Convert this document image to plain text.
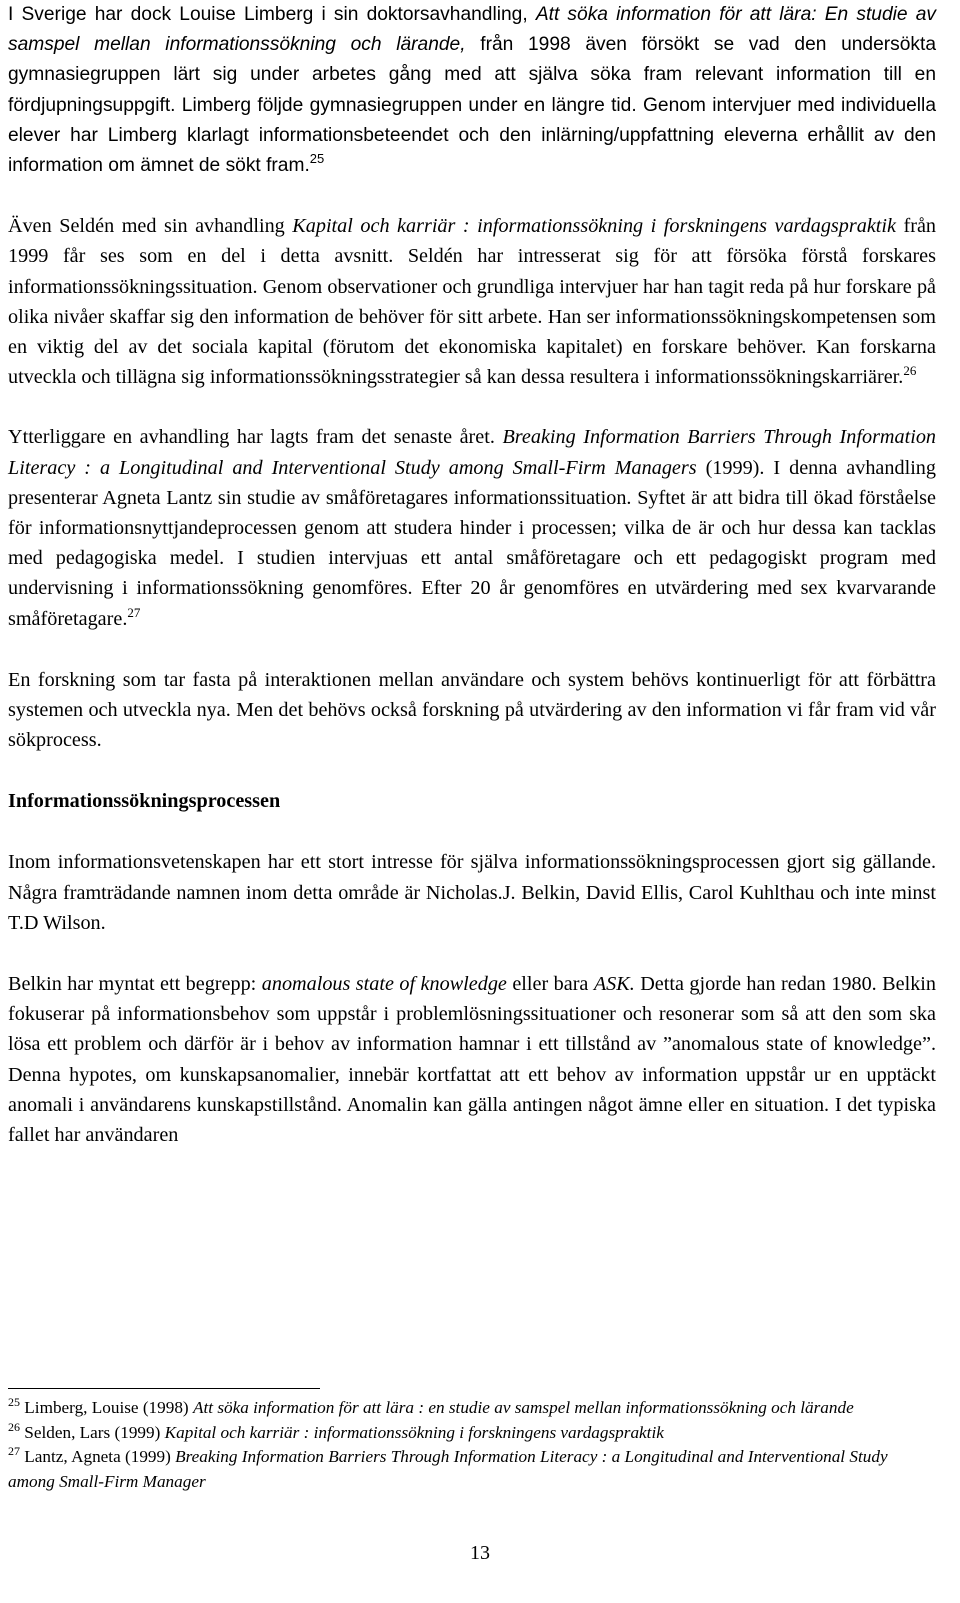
I Sverige har dock Louise Limberg i sin doktorsavhandling, Att söka information för att lära: En studie av samspel mellan informationssökning och lärande, från 1998 även försökt se vad den undersökta gymnasiegruppen lärt sig under arbetes gång med att själva söka fram relevant information till en fördjupningsuppgift. Limberg följde gymnasiegruppen under en längre tid. Genom intervjuer med individuella elever har Limberg klarlagt informationsbeteendet och den inlärning/uppfattning eleverna erhållit av den information om ämnet de sökt fram.$^{25}$

Även Seldén med sin avhandling Kapital och karriär : informationssökning i forskningens vardagspraktik från 1999 får ses som en del i detta avsnitt. Seldén har intresserat sig för att försöka förstå forskares informationssökningssituation. Genom observationer och grundliga intervjuer har han tagit reda på hur forskare på olika nivåer skaffar sig den information de behöver för sitt arbete. Han ser informationssökningskompetensen som en viktig del av det sociala kapital (förutom det ekonomiska kapitalet) en forskare behöver. Kan forskarna utveckla och tillägna sig informationssökningsstrategier så kan dessa resultera i informationssökningskarriärer.$^{26}$

Ytterliggare en avhandling har lagts fram det senaste året. Breaking Information Barriers Through Information Literacy : a Longitudinal and Interventional Study among Small-Firm Managers (1999). I denna avhandling presenterar Agneta Lantz sin studie av småföretagares informationssituation. Syftet är att bidra till ökad förståelse för informationsnyttjandeprocessen genom att studera hinder i processen; vilka de är och hur dessa kan tacklas med pedagogiska medel. I studien intervjuas ett antal småföretagare och ett pedagogiskt program med undervisning i informationssökning genomföres. Efter 20 år genomföres en utvärdering med sex kvarvarande småföretagare.$^{27}$

En forskning som tar fasta på interaktionen mellan användare och system behövs kontinuerligt för att förbättra systemen och utveckla nya. Men det behövs också forskning på utvärdering av den information vi får fram vid vår sökprocess.

Informationssökningsprocessen

Inom informationsvetenskapen har ett stort intresse för själva informationssökningsprocessen gjort sig gällande. Några framträdande namnen inom detta område är Nicholas.J. Belkin, David Ellis, Carol Kuhlthau och inte minst T.D Wilson.

Belkin har myntat ett begrepp: anomalous state of knowledge eller bara ASK. Detta gjorde han redan 1980. Belkin fokuserar på informationsbehov som uppstår i problemlösningssituationer och resonerar som så att den som ska lösa ett problem och därför är i behov av information hamnar i ett tillstånd av ”anomalous state of knowledge”. Denna hypotes, om kunskapsanomalier, innebär kortfattat att ett behov av information uppstår ur en upptäckt anomali i användarens kunskapstillstånd. Anomalin kan gälla antingen något ämne eller en situation. I det typiska fallet har användaren

$^{25}$ Limberg, Louise (1998) Att söka information för att lära : en studie av samspel mellan informationssökning och lärande

$^{26}$ Selden, Lars (1999) Kapital och karriär : informationssökning i forskningens vardagspraktik

$^{27}$ Lantz, Agneta (1999) Breaking Information Barriers Through Information Literacy : a Longitudinal and Interventional Study among Small-Firm Manager

13
